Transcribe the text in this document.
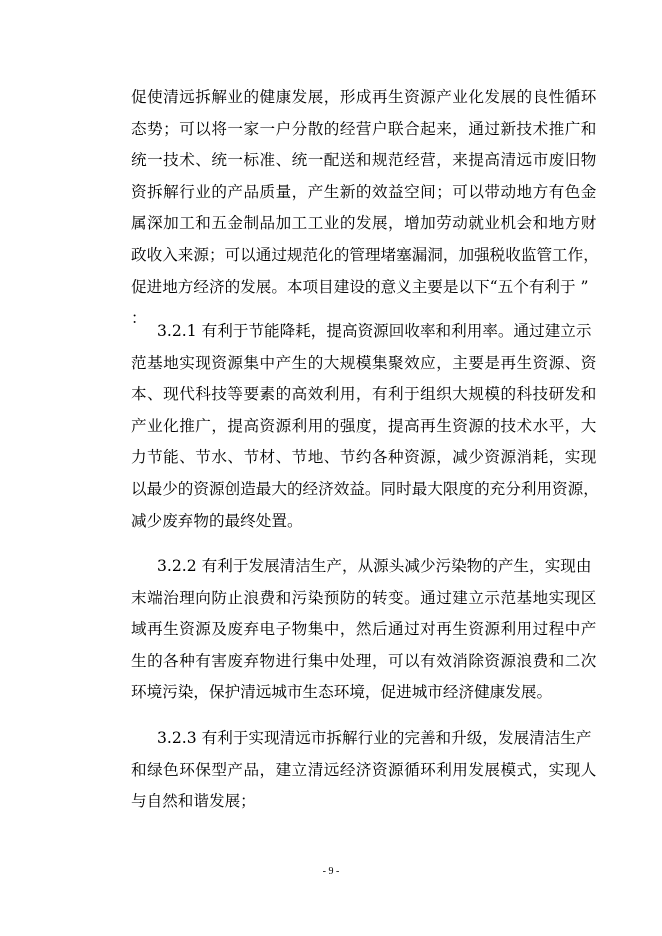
促使清远拆解业的健康发展，形成再生资源产业化发展的良性循环
态势；可以将一家一户分散的经营户联合起来，通过新技术推广和
统一技术、统一标准、统一配送和规范经营，来提高清远市废旧物
资拆解行业的产品质量，产生新的效益空间；可以带动地方有色金
属深加工和五金制品加工工业的发展，增加劳动就业机会和地方财
政收入来源；可以通过规范化的管理堵塞漏洞，加强税收监管工作，
促进地方经济的发展。本项目建设的意义主要是以下“五个有利于 ”
：
3.2.1 有利于节能降耗，提高资源回收率和利用率。通过建立示
范基地实现资源集中产生的大规模集聚效应，主要是再生资源、资
本、现代科技等要素的高效利用，有利于组织大规模的科技研发和
产业化推广，提高资源利用的强度，提高再生资源的技术水平，大
力节能、节水、节材、节地、节约各种资源，减少资源消耗，实现
以最少的资源创造最大的经济效益。同时最大限度的充分利用资源，
减少废弃物的最终处置。
3.2.2 有利于发展清洁生产，从源头减少污染物的产生，实现由
末端治理向防止浪费和污染预防的转变。通过建立示范基地实现区
域再生资源及废弃电子物集中，然后通过对再生资源利用过程中产
生的各种有害废弃物进行集中处理，可以有效消除资源浪费和二次
环境污染，保护清远城市生态环境，促进城市经济健康发展。
3.2.3 有利于实现清远市拆解行业的完善和升级，发展清洁生产
和绿色环保型产品，建立清远经济资源循环利用发展模式，实现人
与自然和谐发展；
- 9 -
